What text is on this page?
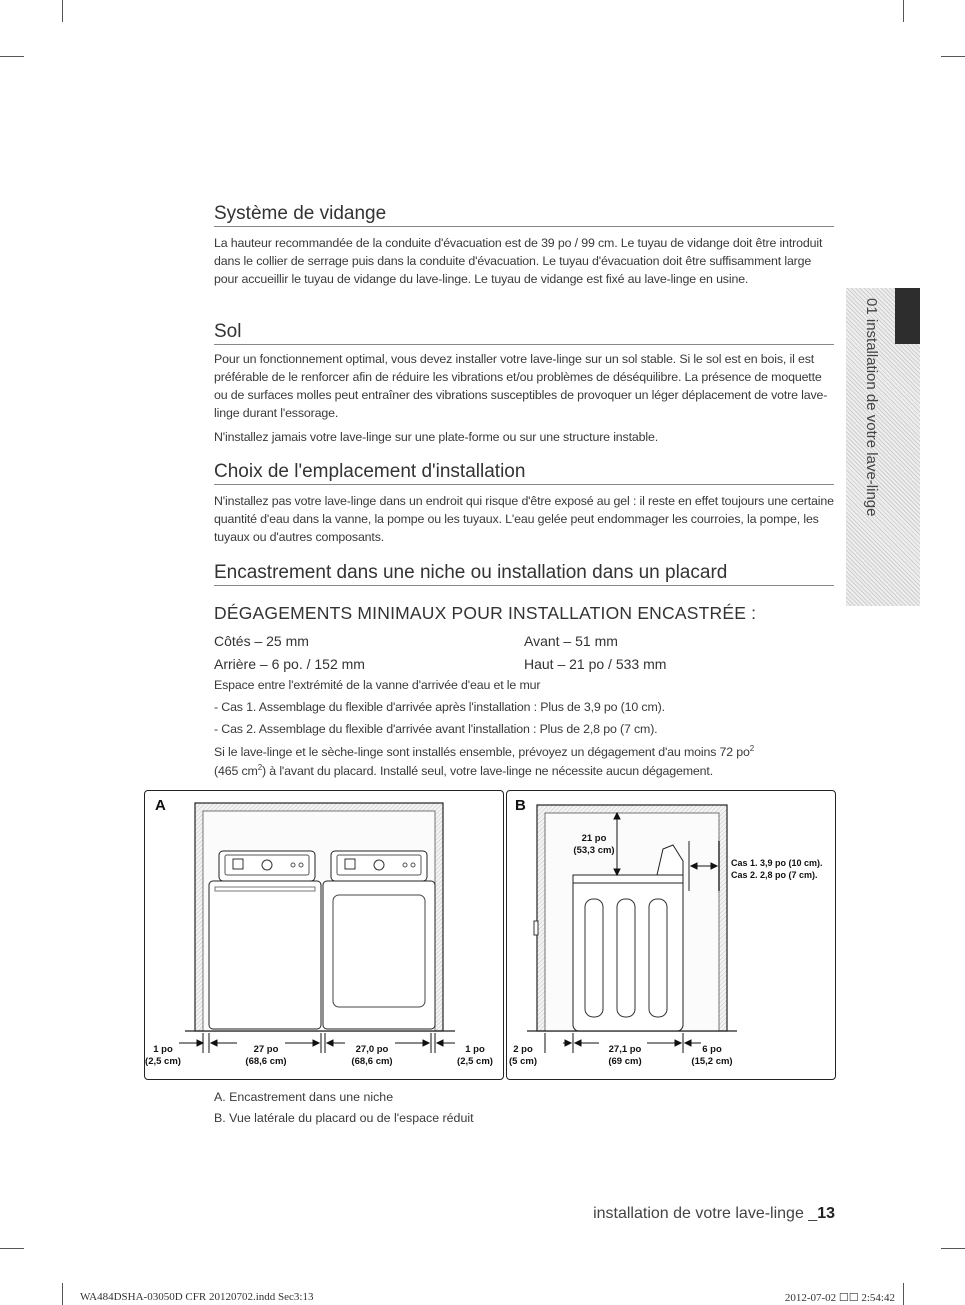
01 installation de votre lave-linge
Système de vidange

La hauteur recommandée de la conduite d'évacuation est de 39 po / 99 cm. Le tuyau de vidange doit être introduit dans le collier de serrage puis dans la conduite d'évacuation. Le tuyau d'évacuation doit être suffisamment large pour accueillir le tuyau de vidange du lave-linge. Le tuyau de vidange est fixé au lave-linge en usine.

Sol

Pour un fonctionnement optimal, vous devez installer votre lave-linge sur un sol stable. Si le sol est en bois, il est préférable de le renforcer afin de réduire les vibrations et/ou problèmes de déséquilibre. La présence de moquette ou de surfaces molles peut entraîner des vibrations susceptibles de provoquer un léger déplacement de votre lave-linge durant l'essorage.

N'installez jamais votre lave-linge sur une plate-forme ou sur une structure instable.

Choix de l'emplacement d'installation

N'installez pas votre lave-linge dans un endroit qui risque d'être exposé au gel : il reste en effet toujours une certaine quantité d'eau dans la vanne, la pompe ou les tuyaux. L'eau gelée peut endommager les courroies, la pompe, les tuyaux ou d'autres composants.

Encastrement dans une niche ou installation dans un placard
DÉGAGEMENTS MINIMAUX POUR INSTALLATION ENCASTRÉE :
Côtés – 25 mm	Avant – 51 mm
Arrière – 6 po. / 152 mm	Haut – 21 po / 533 mm
Espace entre l'extrémité de la vanne d'arrivée d'eau et le mur
- Cas 1. Assemblage du flexible d'arrivée après l'installation : Plus de 3,9 po (10 cm).
- Cas 2. Assemblage du flexible d'arrivée avant l'installation : Plus de 2,8 po (7 cm).
Si le lave-linge et le sèche-linge sont installés ensemble, prévoyez un dégagement d'au moins 72 $po^2$
(465 $cm^2$) à l'avant du placard. Installé seul, votre lave-linge ne nécessite aucun dégagement.
A
1 po
(2,5 cm)
27 po
(68,6 cm)
27,0 po
(68,6 cm)
1 po
(2,5 cm)
B
21 po
(53,3 cm)
Cas 1. 3,9 po (10 cm).
Cas 2. 2,8 po (7 cm).
2 po
(5 cm)
27,1 po
(69 cm)
6 po
(15,2 cm)
A. Encastrement dans une niche
B. Vue latérale du placard ou de l'espace réduit
installation de votre lave-linge _13
WA484DSHA-03050D CFR 20120702.indd Sec3:13	2012-07-02 ☐☐ 2:54:42
